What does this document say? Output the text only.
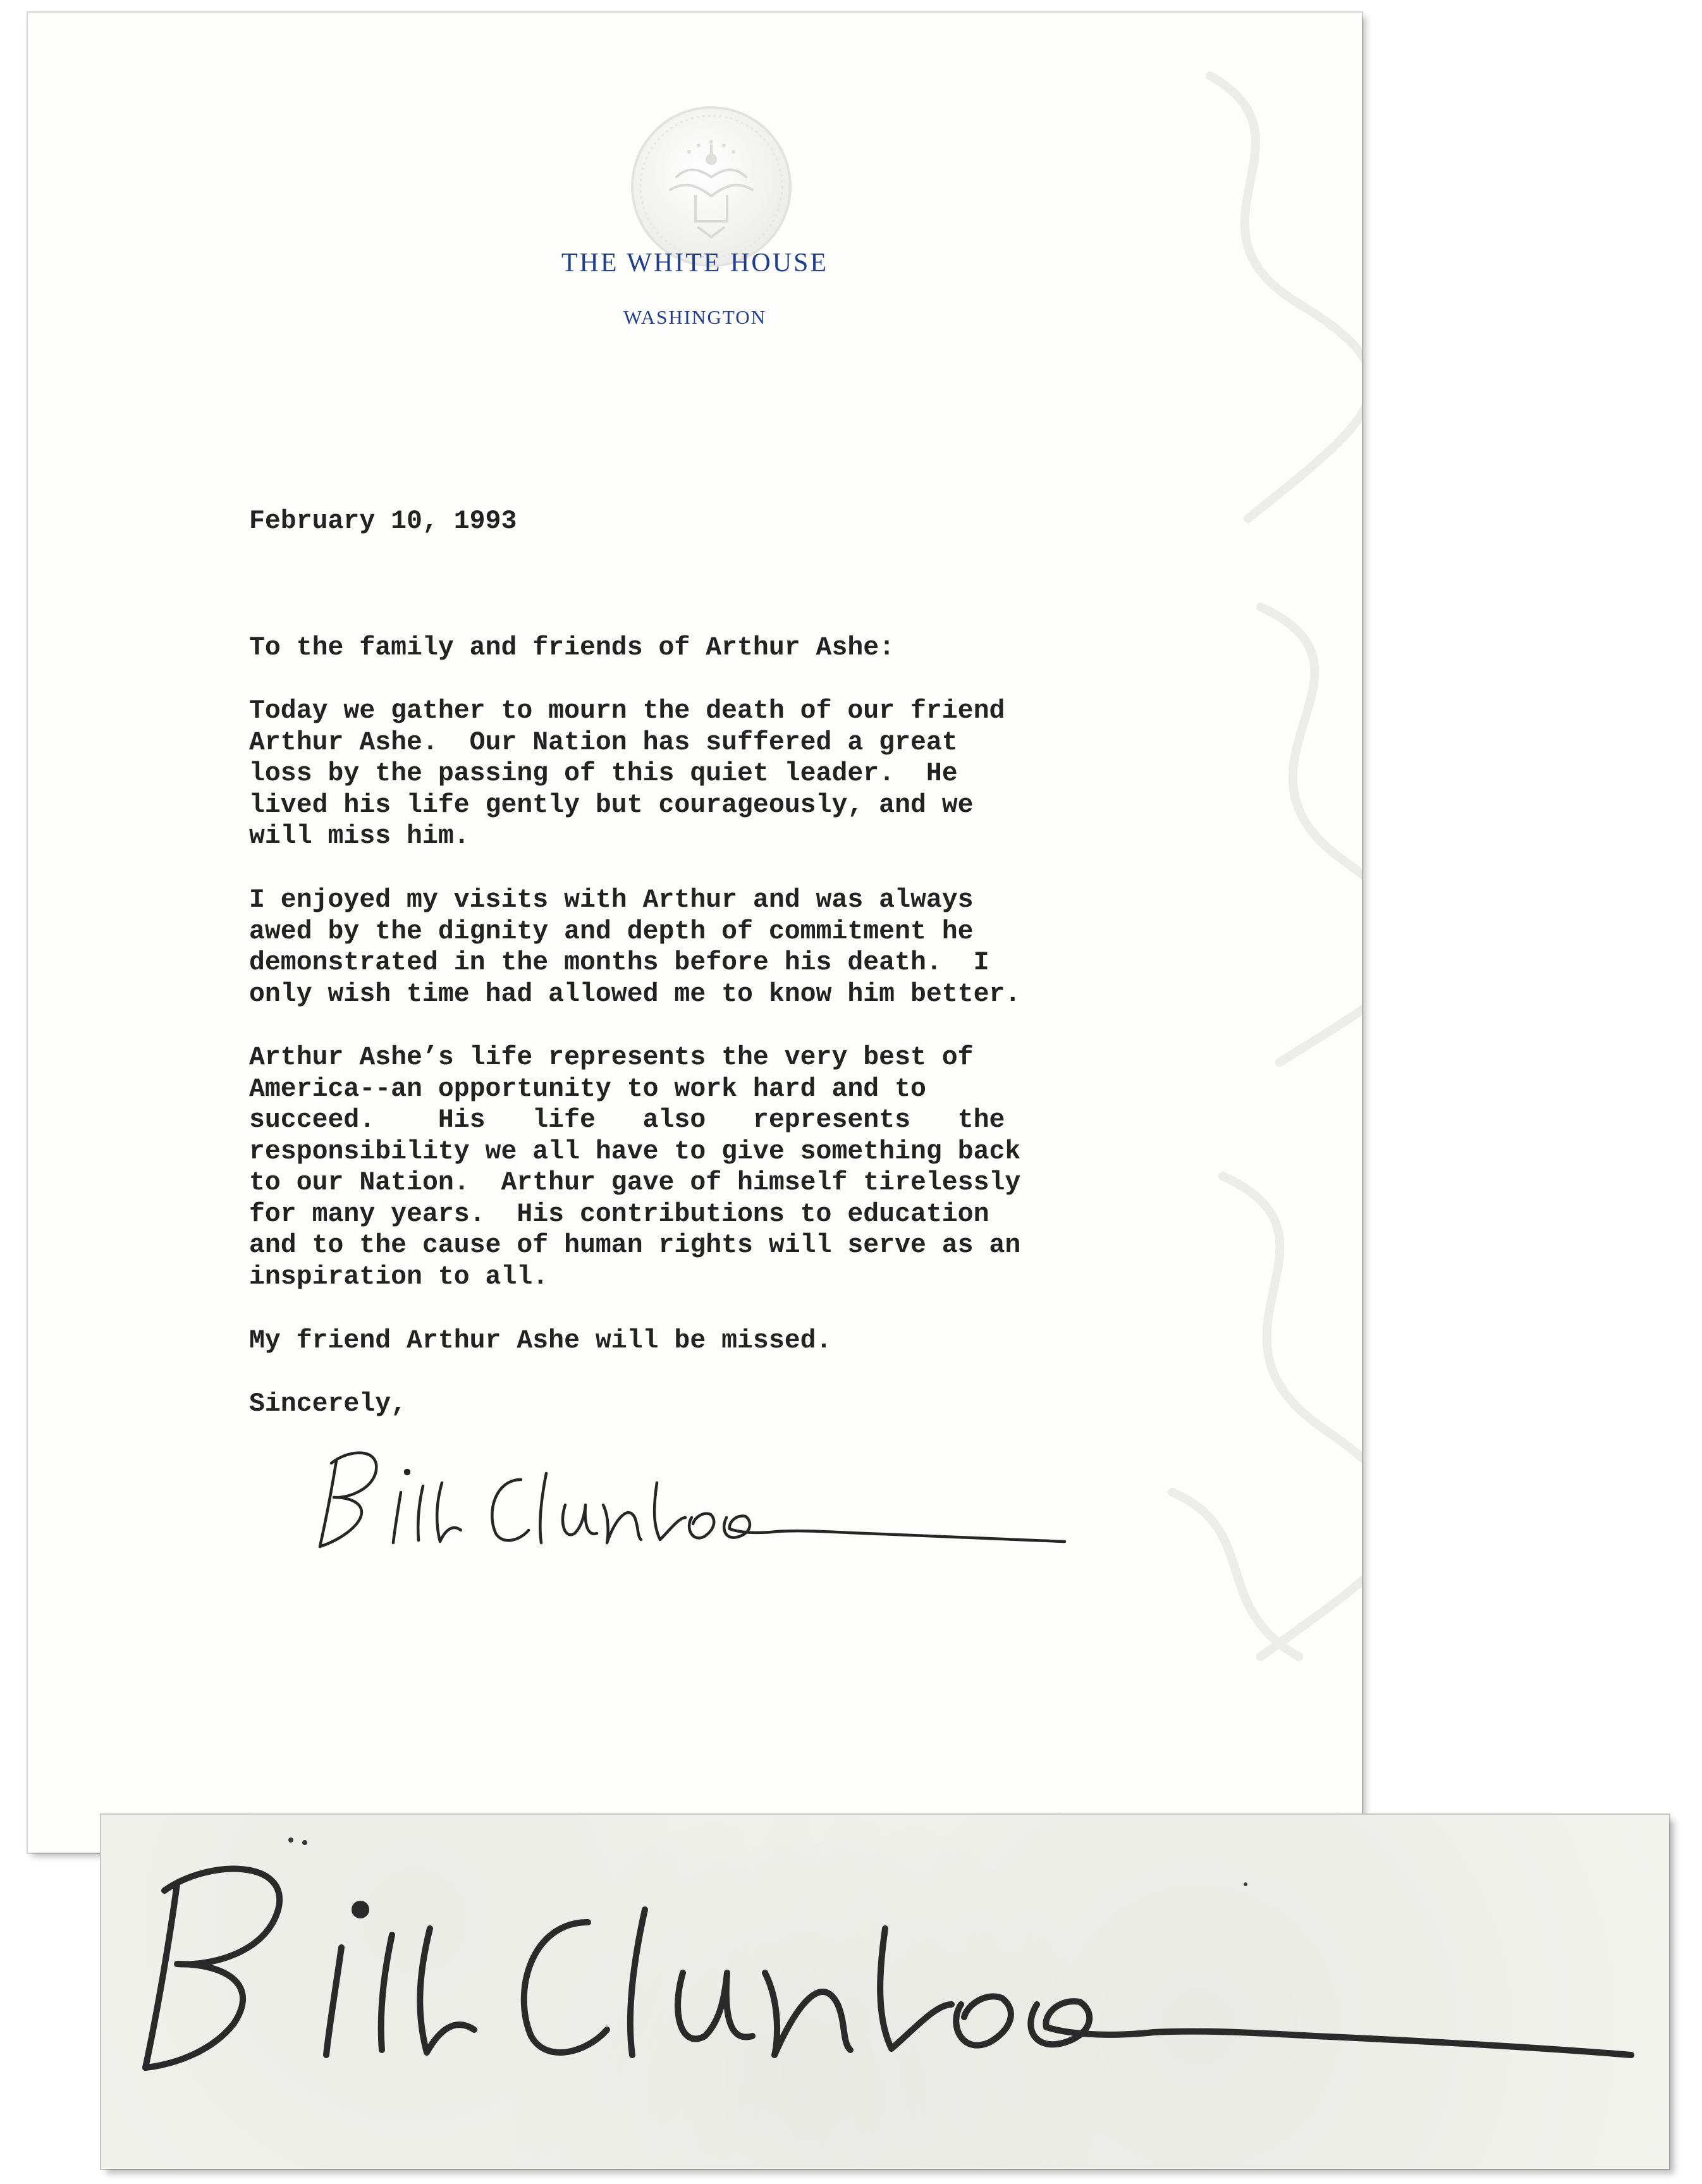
THE WHITE HOUSE
WASHINGTON

February 10, 1993

To the family and friends of Arthur Ashe:

Today we gather to mourn the death of our friend
Arthur Ashe.  Our Nation has suffered a great
loss by the passing of this quiet leader.  He
lived his life gently but courageously, and we
will miss him.

I enjoyed my visits with Arthur and was always
awed by the dignity and depth of commitment he
demonstrated in the months before his death.  I
only wish time had allowed me to know him better.

Arthur Ashe’s life represents the very best of
America--an opportunity to work hard and to
succeed.    His   life   also   represents   the
responsibility we all have to give something back
to our Nation.  Arthur gave of himself tirelessly
for many years.  His contributions to education
and to the cause of human rights will serve as an
inspiration to all.

My friend Arthur Ashe will be missed.

Sincerely,
